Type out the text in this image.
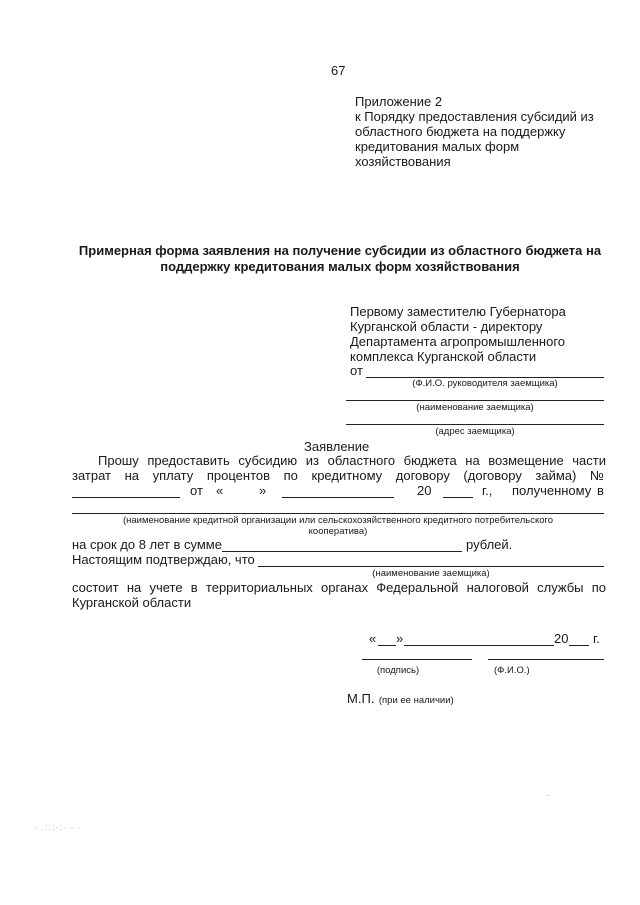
67
Приложение 2
к Порядку предоставления субсидий из
областного бюджета на поддержку
кредитования малых форм
хозяйствования
Примерная форма заявления на получение субсидии из областного бюджета на
поддержку кредитования малых форм хозяйствования
Первому заместителю Губернатора
Курганской области - директору
Департамента агропромышленного
комплекса Курганской области
от
(Ф.И.О. руководителя заемщика)
(наименование заемщика)
(адрес заемщика)
Заявление
Прошу предоставить субсидию из областного бюджета на возмещение части
затрат на уплату процентов по кредитному договору (договору займа) №
от «	»	20	г., полученному в
(наименование кредитной организации или сельскохозяйственного кредитного потребительского
кооператива)
на срок до 8 лет в сумме	рублей.
Настоящим подтверждаю, что
(наименование заемщика)
состоит на учете в территориальных органах Федеральной налоговой службы по
Курганской области
« »	20 г.
(подпись)	(Ф.И.О.)
М.П. (при ее наличии)
· .:.:·:· · ·
-
